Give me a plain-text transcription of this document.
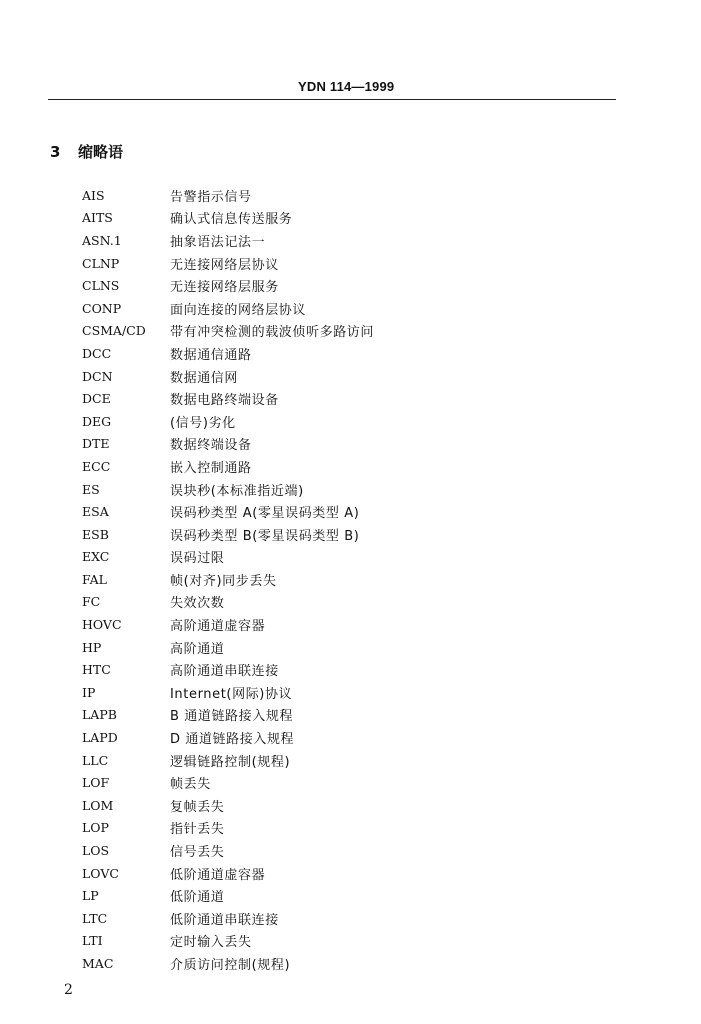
YDN 114—1999
3 缩略语
AIS	告警指示信号
AITS	确认式信息传送服务
ASN.1	抽象语法记法一
CLNP	无连接网络层协议
CLNS	无连接网络层服务
CONP	面向连接的网络层协议
CSMA/CD	带有冲突检测的载波侦听多路访问
DCC	数据通信通路
DCN	数据通信网
DCE	数据电路终端设备
DEG	(信号)劣化
DTE	数据终端设备
ECC	嵌入控制通路
ES	误块秒(本标准指近端)
ESA	误码秒类型 A(零星误码类型 A)
ESB	误码秒类型 B(零星误码类型 B)
EXC	误码过限
FAL	帧(对齐)同步丢失
FC	失效次数
HOVC	高阶通道虚容器
HP	高阶通道
HTC	高阶通道串联连接
IP	Internet(网际)协议
LAPB	B 通道链路接入规程
LAPD	D 通道链路接入规程
LLC	逻辑链路控制(规程)
LOF	帧丢失
LOM	复帧丢失
LOP	指针丢失
LOS	信号丢失
LOVC	低阶通道虚容器
LP	低阶通道
LTC	低阶通道串联连接
LTI	定时输入丢失
MAC	介质访问控制(规程)
2
